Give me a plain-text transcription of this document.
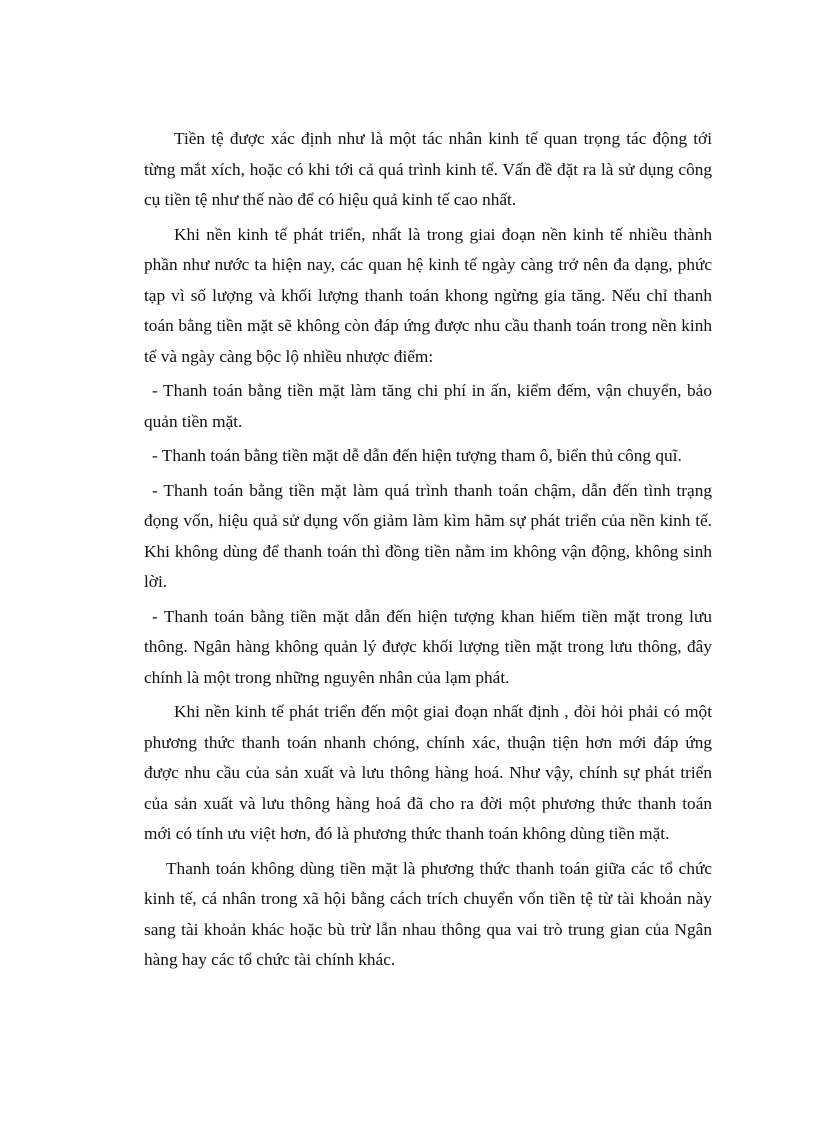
Tiền tệ được xác định như là một tác nhân kinh tế quan trọng tác động tới từng mắt xích, hoặc có khi tới cả quá trình kinh tế. Vấn đề đặt ra là sử dụng công cụ tiền tệ như thế nào để có hiệu quả kinh tế cao nhất.

Khi nền kinh tế phát triển, nhất là trong giai đoạn nền kinh tế nhiều thành phần như nước ta hiện nay, các quan hệ kinh tế ngày càng trở nên đa dạng, phức tạp vì số lượng và khối lượng thanh toán khong ngừng gia tăng. Nếu chỉ thanh toán bằng tiền mặt sẽ không còn đáp ứng được nhu cầu thanh toán trong nền kinh tế và ngày càng bộc lộ nhiều nhược điểm:

- Thanh toán bằng tiền mặt làm tăng chi phí in ấn, kiểm đếm, vận chuyển, bảo quản tiền mặt.

- Thanh toán bằng tiền mặt dễ dẫn đến hiện tượng tham ô, biển thủ công quĩ.

- Thanh toán bằng tiền mặt làm quá trình thanh toán chậm, dẫn đến tình trạng đọng vốn, hiệu quả sử dụng vốn giảm làm kìm hãm sự phát triển của nền kinh tế. Khi không dùng để thanh toán thì đồng tiền nằm im không vận động, không sinh lời.

- Thanh toán bằng tiền mặt dẫn đến hiện tượng khan hiếm tiền mặt trong lưu thông. Ngân hàng không quản lý được khối lượng tiền mặt trong lưu thông, đây chính là một trong những nguyên nhân của lạm phát.

Khi nền kinh tế phát triển đến một giai đoạn nhất định , đòi hỏi phải có một phương thức thanh toán nhanh chóng, chính xác, thuận tiện hơn mới đáp ứng được nhu cầu của sản xuất và lưu thông hàng hoá. Như vậy, chính sự phát triển của sản xuất và lưu thông hàng hoá đã cho ra đời một phương thức thanh toán mới có tính ưu việt hơn, đó là phương thức thanh toán không dùng tiền mặt.

Thanh toán không dùng tiền mặt là phương thức thanh toán giữa các tổ chức kinh tế, cá nhân trong xã hội bằng cách trích chuyển vốn tiền tệ từ tài khoản này sang tài khoản khác hoặc bù trừ lẫn nhau thông qua vai trò trung gian của Ngân hàng hay các tổ chức tài chính khác.
